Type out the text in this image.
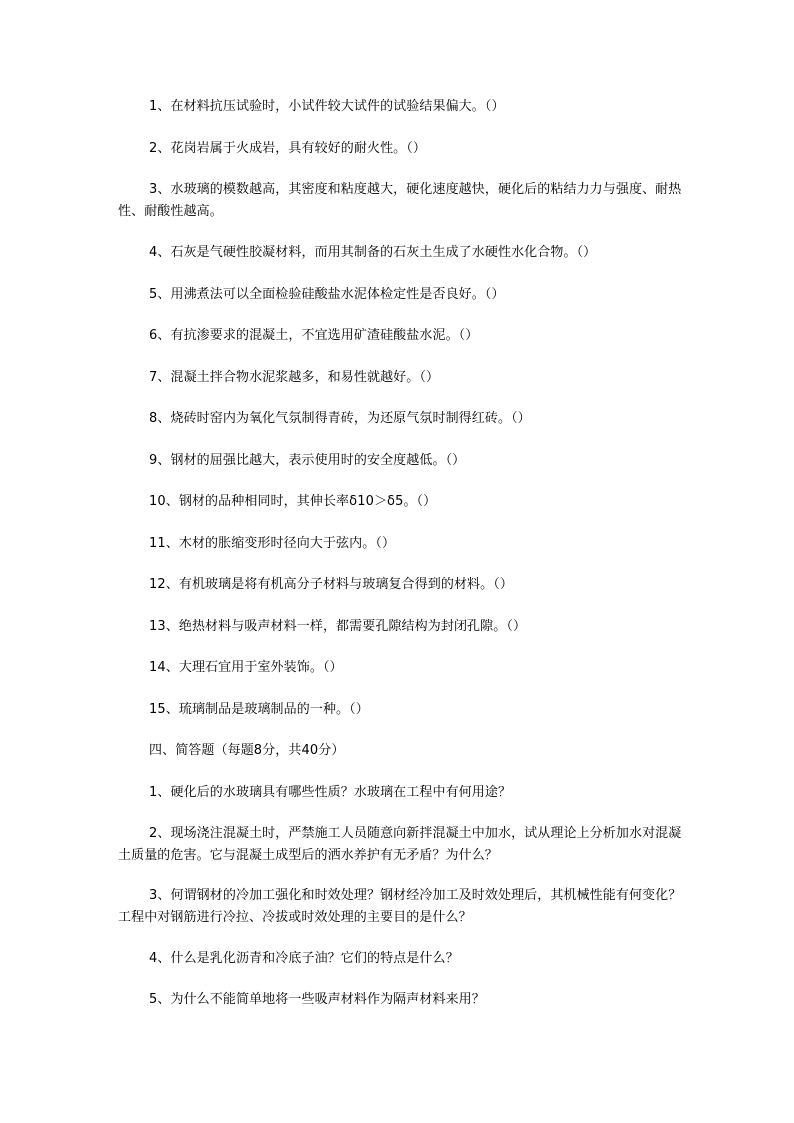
1、在材料抗压试验时，小试件较大试件的试验结果偏大。（）

2、花岗岩属于火成岩，具有较好的耐火性。（）

3、水玻璃的模数越高，其密度和粘度越大，硬化速度越快，硬化后的粘结力力与强度、耐热性、耐酸性越高。

4、石灰是气硬性胶凝材料，而用其制备的石灰土生成了水硬性水化合物。（）

5、用沸煮法可以全面检验硅酸盐水泥体检定性是否良好。（）

6、有抗渗要求的混凝土，不宜选用矿渣硅酸盐水泥。（）

7、混凝土拌合物水泥浆越多，和易性就越好。（）

8、烧砖时窑内为氧化气氛制得青砖，为还原气氛时制得红砖。（）

9、钢材的屈强比越大，表示使用时的安全度越低。（）

10、钢材的品种相同时，其伸长率δ10＞δ5。（）

11、木材的胀缩变形时径向大于弦内。（）

12、有机玻璃是将有机高分子材料与玻璃复合得到的材料。（）

13、绝热材料与吸声材料一样，都需要孔隙结构为封闭孔隙。（）

14、大理石宜用于室外装饰。（）

15、琉璃制品是玻璃制品的一种。（）

四、简答题（每题8分，共40分）

1、硬化后的水玻璃具有哪些性质？水玻璃在工程中有何用途？

2、现场浇注混凝土时，严禁施工人员随意向新拌混凝土中加水，试从理论上分析加水对混凝土质量的危害。它与混凝土成型后的洒水养护有无矛盾？为什么？

3、何谓钢材的冷加工强化和时效处理？钢材经冷加工及时效处理后，其机械性能有何变化？工程中对钢筋进行冷拉、冷拔或时效处理的主要目的是什么？

4、什么是乳化沥青和冷底子油？它们的特点是什么？

5、为什么不能简单地将一些吸声材料作为隔声材料来用？
